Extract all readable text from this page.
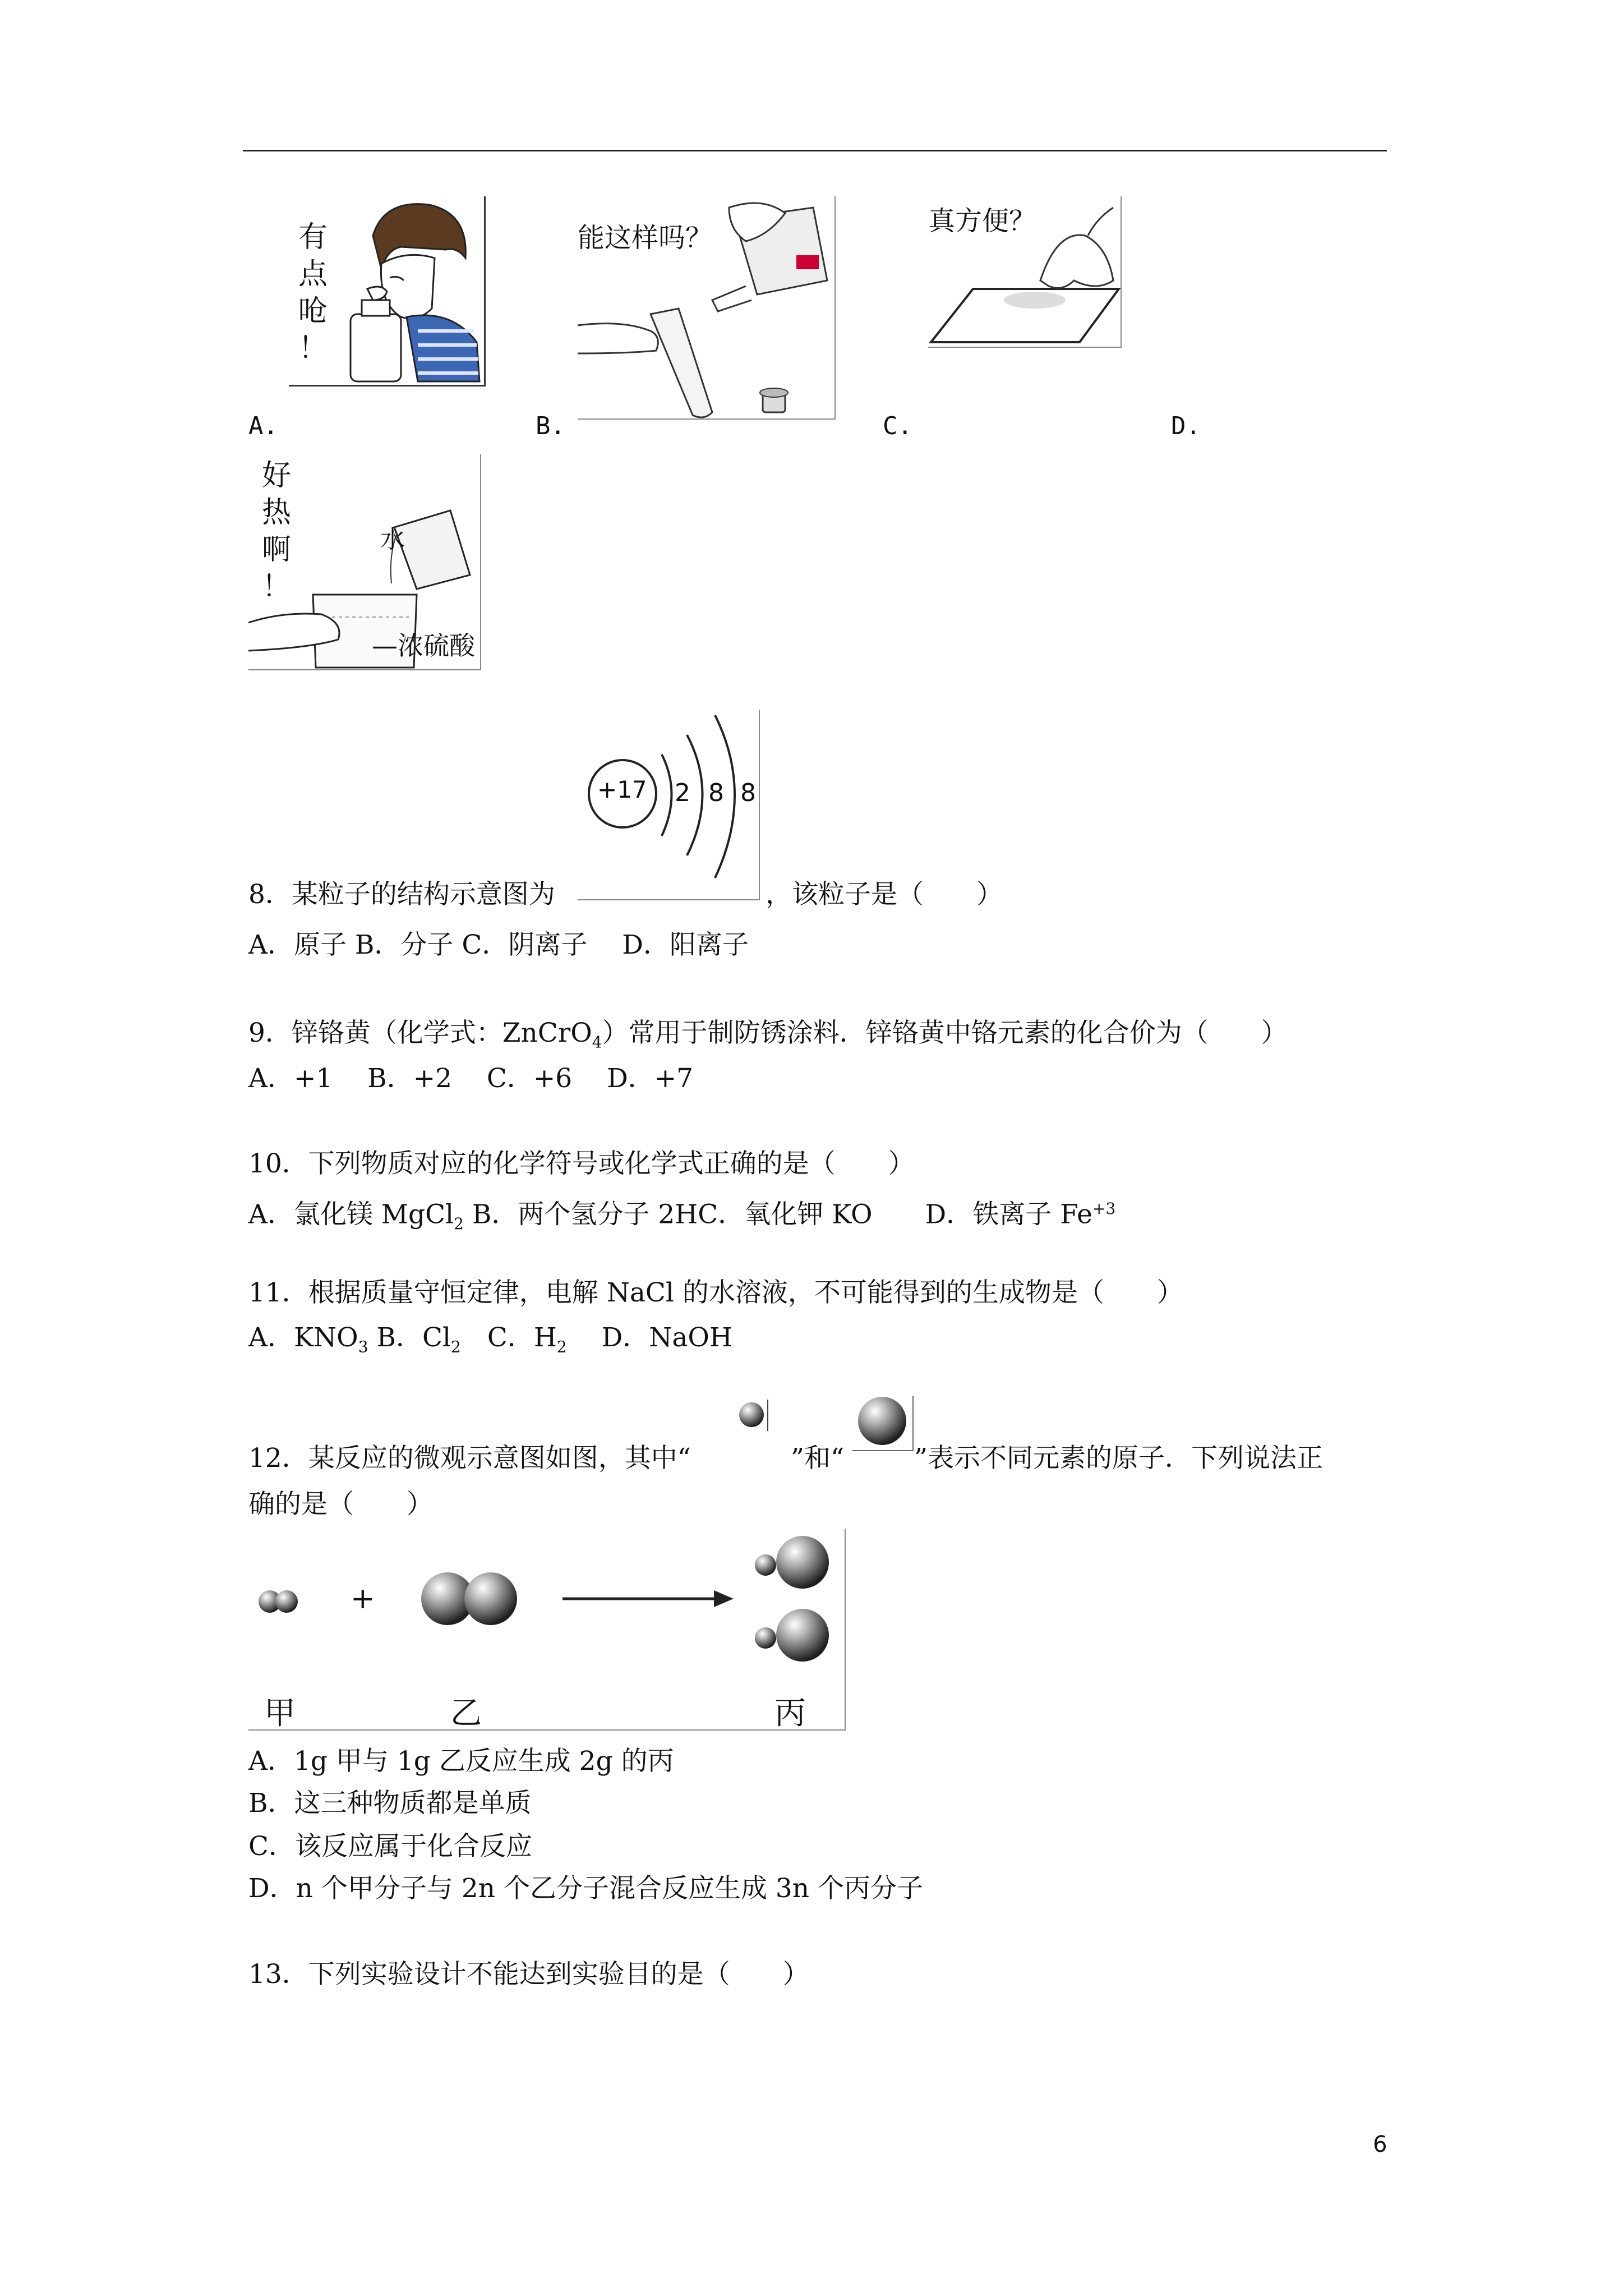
有
点
呛
！
能这样吗？
真方便？
A.	B.	C.	D.
好
热
啊
！
水
—浓硫酸
+17 2 8 8
8．某粒子的结构示意图为	，该粒子是（　　）
A．原子 B．分子 C．阴离子　 D．阳离子
9．锌铬黄（化学式：ZnCrO$_4$）常用于制防锈涂料．锌铬黄中铬元素的化合价为（　　）
A．+1　 B．+2　 C．+6　 D．+7
10．下列物质对应的化学符号或化学式正确的是（　　）
A．氯化镁 MgCl$_2$ B．两个氢分子 2HC．氧化钾 KO　　D．铁离子 $Fe^{+3}$
11．根据质量守恒定律，电解 NaCl 的水溶液，不可能得到的生成物是（　　）
A．$KNO_3$ B．$Cl_2$　C．$H_2$　 D．NaOH
12．某反应的微观示意图如图，其中“	”和“	”表示不同元素的原子．下列说法正
确的是（　　）
+
甲	乙	丙
A．1g 甲与 1g 乙反应生成 2g 的丙
B．这三种物质都是单质
C．该反应属于化合反应
D．n 个甲分子与 2n 个乙分子混合反应生成 3n 个丙分子
13．下列实验设计不能达到实验目的是（　　）
6
